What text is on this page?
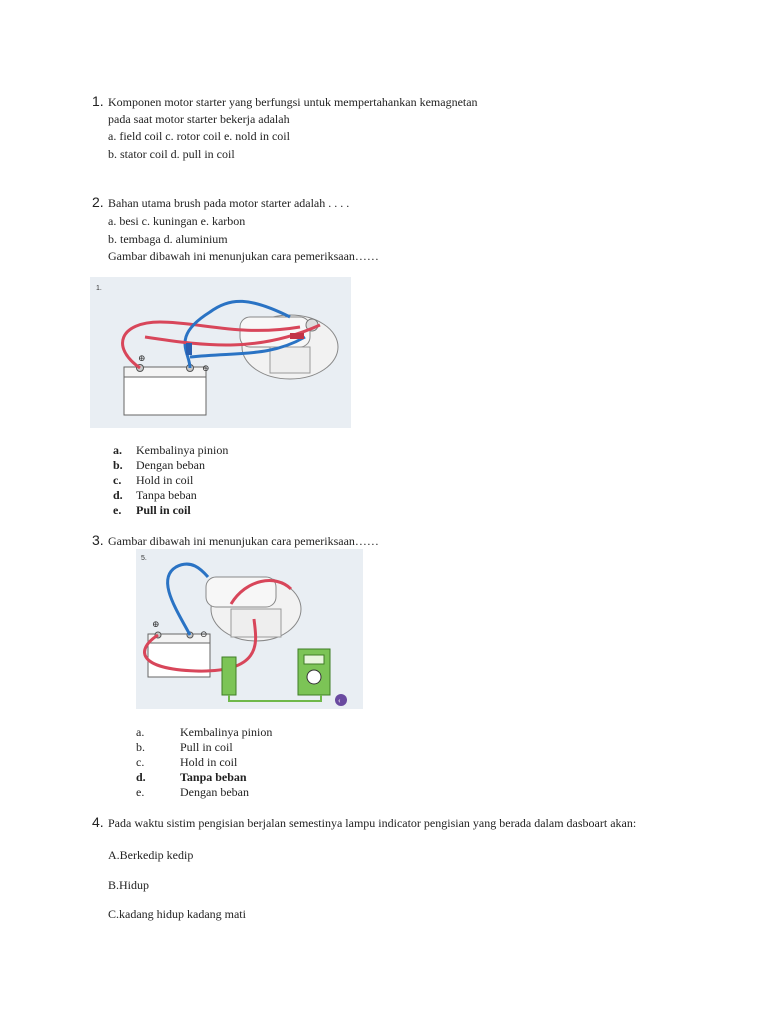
1. Komponen motor starter yang berfungsi untuk mempertahankan kemagnetan
pada saat motor starter bekerja adalah
a. field coil c. rotor coil e. nold in coil
b. stator coil d. pull in coil
2. Bahan utama brush pada motor starter adalah . . . .
a. besi c. kuningan e. karbon
b. tembaga d. aluminium
Gambar dibawah ini menunjukan cara pemeriksaan……
1.
⊕
⊖
a. Kembalinya pinion
b. Dengan beban
c. Hold in coil
d. Tanpa beban
e. Pull in coil
3. Gambar dibawah ini menunjukan cara pemeriksaan……
5.
⊕
⊖
‹
a.	Kembalinya pinion
b.	Pull in coil
c.	Hold in coil
d.	Tanpa beban
e.	Dengan beban
4. Pada waktu sistim pengisian berjalan semestinya lampu indicator pengisian yang berada dalam dasboart akan:
A.Berkedip kedip
B.Hidup
C.kadang hidup kadang mati
